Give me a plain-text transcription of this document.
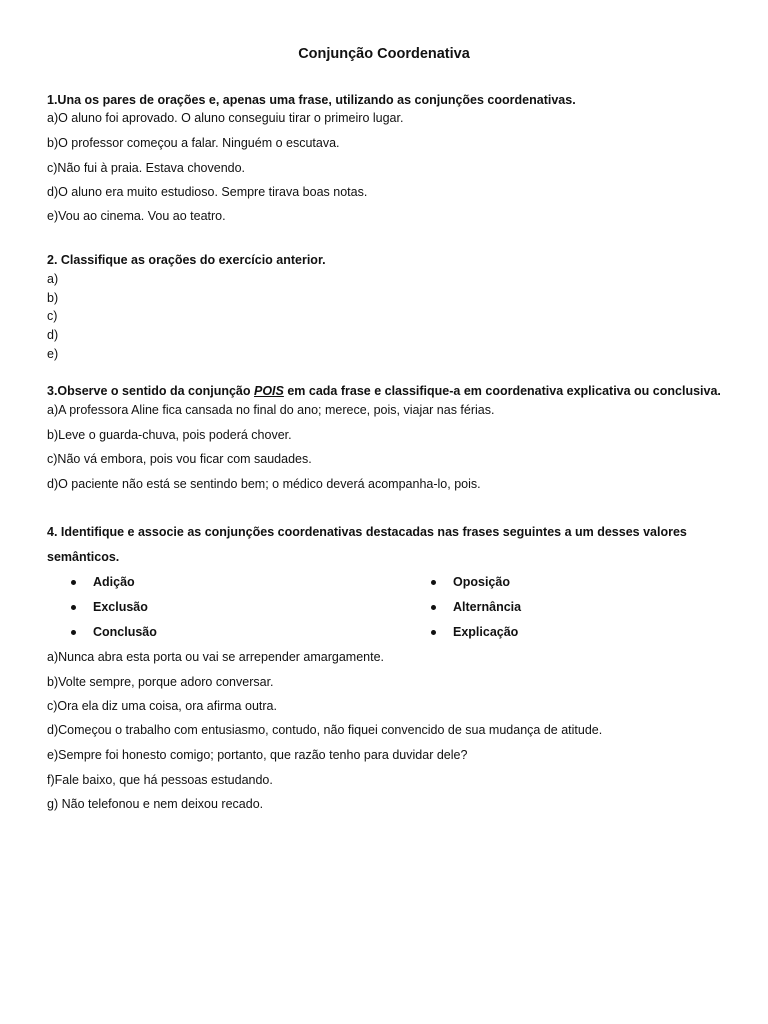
Conjunção Coordenativa
1.Una os pares de orações e, apenas uma frase, utilizando as conjunções coordenativas.
a)O aluno foi aprovado. O aluno conseguiu tirar o primeiro lugar.
b)O professor começou a falar. Ninguém o escutava.
c)Não fui à praia. Estava chovendo.
d)O aluno era muito estudioso. Sempre tirava boas notas.
e)Vou ao cinema. Vou ao teatro.
2. Classifique as orações do exercício anterior.
a)
b)
c)
d)
e)
3.Observe o sentido da conjunção POIS em cada frase e classifique-a em coordenativa explicativa ou conclusiva.
a)A professora Aline fica cansada no final do ano; merece, pois, viajar nas férias.
b)Leve o guarda-chuva, pois poderá chover.
c)Não vá embora, pois vou ficar com saudades.
d)O paciente não está se sentindo bem; o médico deverá acompanha-lo, pois.
4. Identifique e associe as conjunções coordenativas destacadas nas frases seguintes a um desses valores
semânticos.
Adição
Exclusão
Conclusão
Oposição
Alternância
Explicação
a)Nunca abra esta porta ou vai se arrepender amargamente.
b)Volte sempre, porque adoro conversar.
c)Ora ela diz uma coisa, ora afirma outra.
d)Começou o trabalho com entusiasmo, contudo, não fiquei convencido de sua mudança de atitude.
e)Sempre foi honesto comigo; portanto, que razão tenho para duvidar dele?
f)Fale baixo, que há pessoas estudando.
g) Não telefonou e nem deixou recado.
